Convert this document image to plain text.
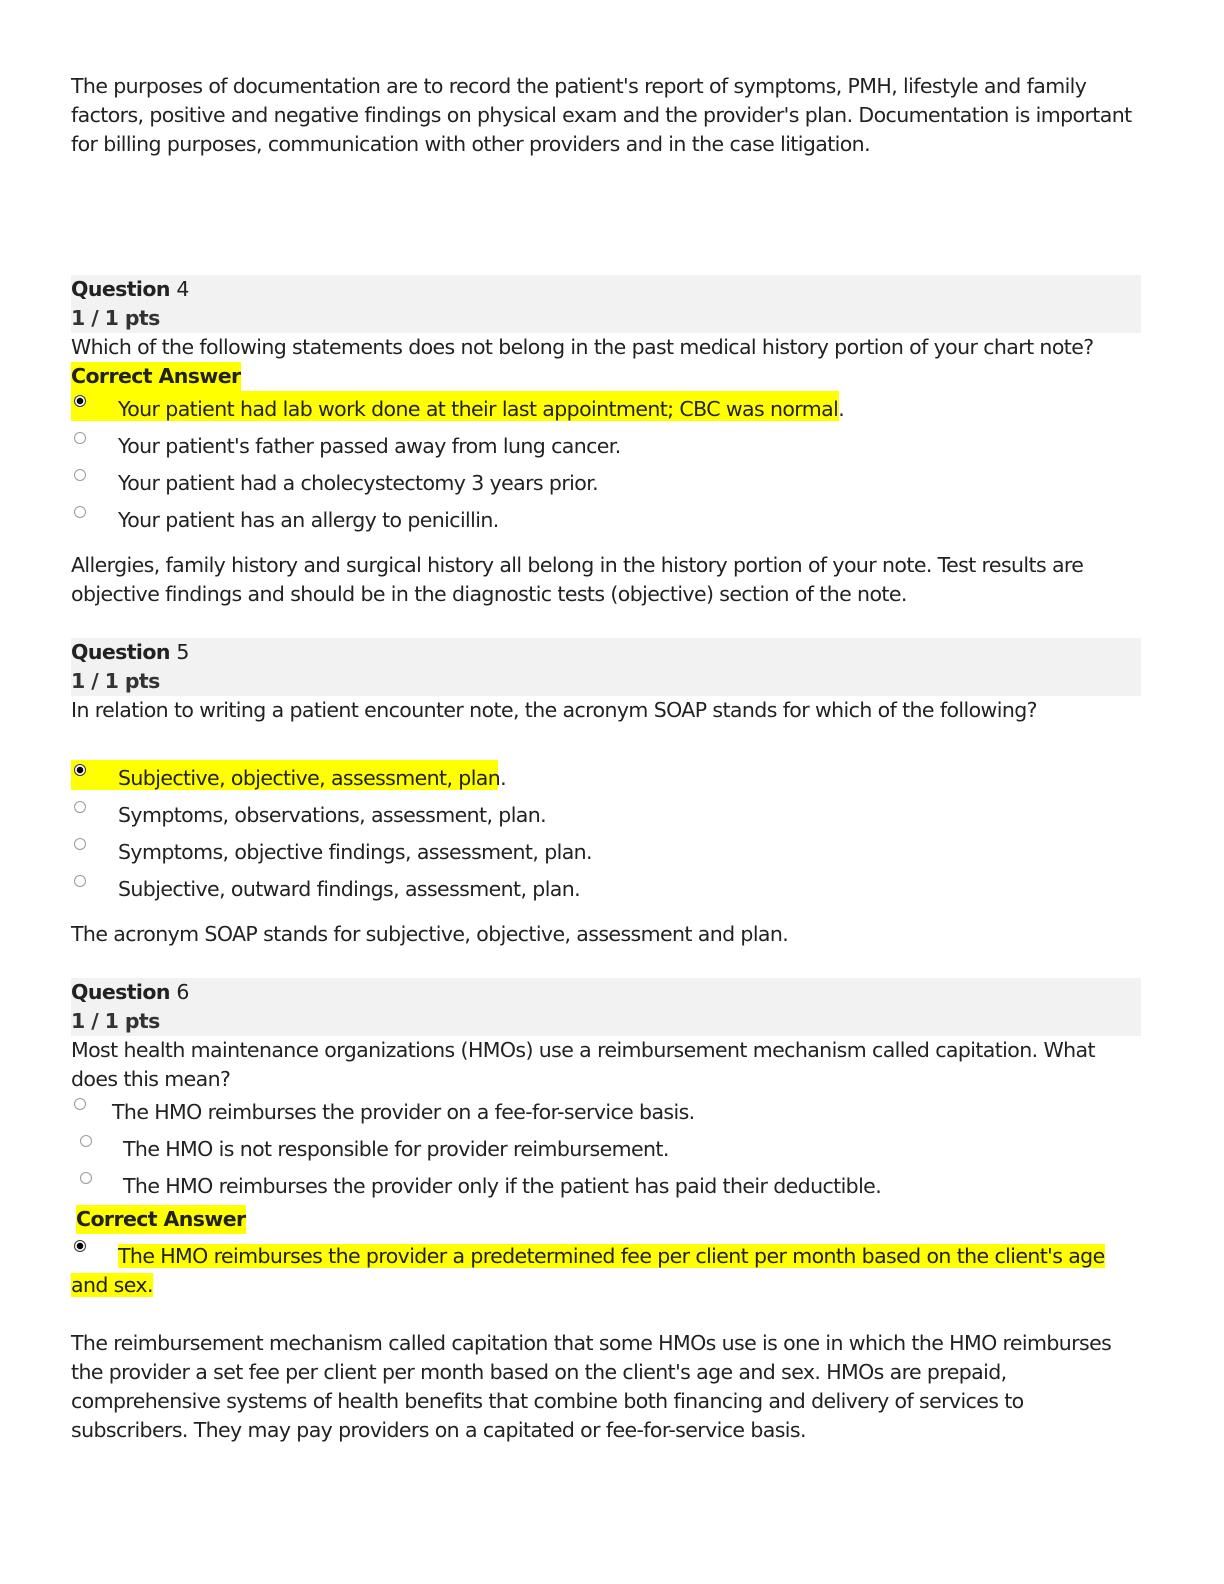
The purposes of documentation are to record the patient's report of symptoms, PMH, lifestyle and family factors, positive and negative findings on physical exam and the provider's plan. Documentation is important for billing purposes, communication with other providers and in the case litigation.

Question 4
1 / 1 pts

Which of the following statements does not belong in the past medical history portion of your chart note?

Correct Answer
Your patient had lab work done at their last appointment; CBC was normal.
Your patient's father passed away from lung cancer.
Your patient had a cholecystectomy 3 years prior.
Your patient has an allergy to penicillin.

Allergies, family history and surgical history all belong in the history portion of your note. Test results are objective findings and should be in the diagnostic tests (objective) section of the note.

Question 5
1 / 1 pts

In relation to writing a patient encounter note, the acronym SOAP stands for which of the following?

Subjective, objective, assessment, plan.
Symptoms, observations, assessment, plan.
Symptoms, objective findings, assessment, plan.
Subjective, outward findings, assessment, plan.

The acronym SOAP stands for subjective, objective, assessment and plan.

Question 6
1 / 1 pts

Most health maintenance organizations (HMOs) use a reimbursement mechanism called capitation. What does this mean?

The HMO reimburses the provider on a fee-for-service basis.
The HMO is not responsible for provider reimbursement.
The HMO reimburses the provider only if the patient has paid their deductible.
Correct Answer

The HMO reimburses the provider a predetermined fee per client per month based on the client's age and sex.

The reimbursement mechanism called capitation that some HMOs use is one in which the HMO reimburses the provider a set fee per client per month based on the client's age and sex. HMOs are prepaid, comprehensive systems of health benefits that combine both financing and delivery of services to subscribers. They may pay providers on a capitated or fee-for-service basis.
